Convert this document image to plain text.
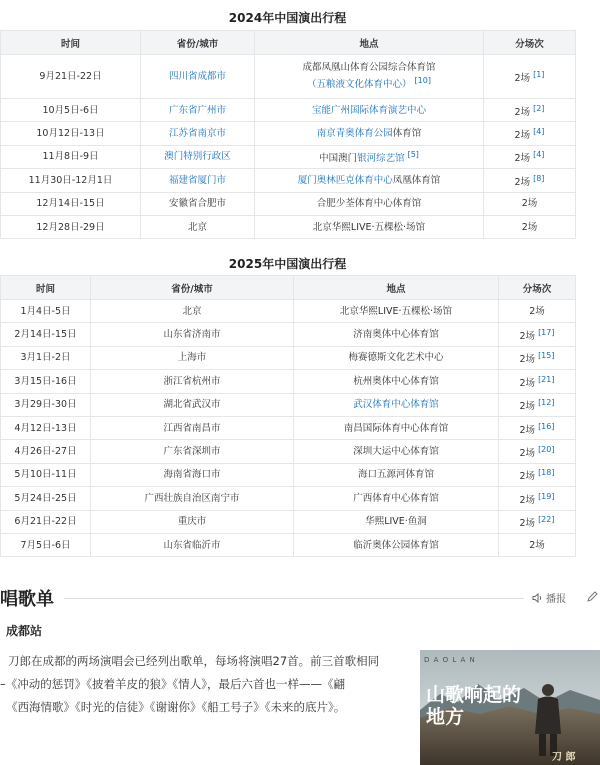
2024年中国演出行程
时间	省份/城市	地点	分场次
9月21日-22日	四川省成都市	成都凤凰山体育公园综合体育馆
（五粮液文化体育中心） [10]	2场 [1]
10月5日-6日	广东省广州市	宝能广州国际体育演艺中心	2场 [2]
10月12日-13日	江苏省南京市	南京青奥体育公园体育馆	2场 [4]
11月8日-9日	澳门特别行政区	中国澳门银河综艺馆 [5]	2场 [4]
11月30日-12月1日	福建省厦门市	厦门奥林匹克体育中心凤凰体育馆	2场 [8]
12月14日-15日	安徽省合肥市	合肥少荃体育中心体育馆	2场
12月28日-29日	北京	北京华熙LIVE·五棵松·场馆	2场
2025年中国演出行程
时间	省份/城市	地点	分场次
1月4日-5日	北京	北京华熙LIVE·五棵松·场馆	2场
2月14日-15日	山东省济南市	济南奥体中心体育馆	2场 [17]
3月1日-2日	上海市	梅赛德斯文化艺术中心	2场 [15]
3月15日-16日	浙江省杭州市	杭州奥体中心体育馆	2场 [21]
3月29日-30日	湖北省武汉市	武汉体育中心体育馆	2场 [12]
4月12日-13日	江西省南昌市	南昌国际体育中心体育馆	2场 [16]
4月26日-27日	广东省深圳市	深圳大运中心体育馆	2场 [20]
5月10日-11日	海南省海口市	海口五源河体育馆	2场 [18]
5月24日-25日	广西壮族自治区南宁市	广西体育中心体育馆	2场 [19]
6月21日-22日	重庆市	华熙LIVE·鱼洞	2场 [22]
7月5日-6日	山东省临沂市	临沂奥体公园体育馆	2场
唱歌单	播报
成都站
刀郎在成都的两场演唱会已经列出歌单，每场将演唱27首。前三首歌相同
–《冲动的惩罚》《披着羊皮的狼》《情人》，最后六首也一样——《翩
《西海情歌》《时光的信徒》《谢谢你》《船工号子》《未来的底片》。
D A O L A N
山歌响起的地方
刀 郎
